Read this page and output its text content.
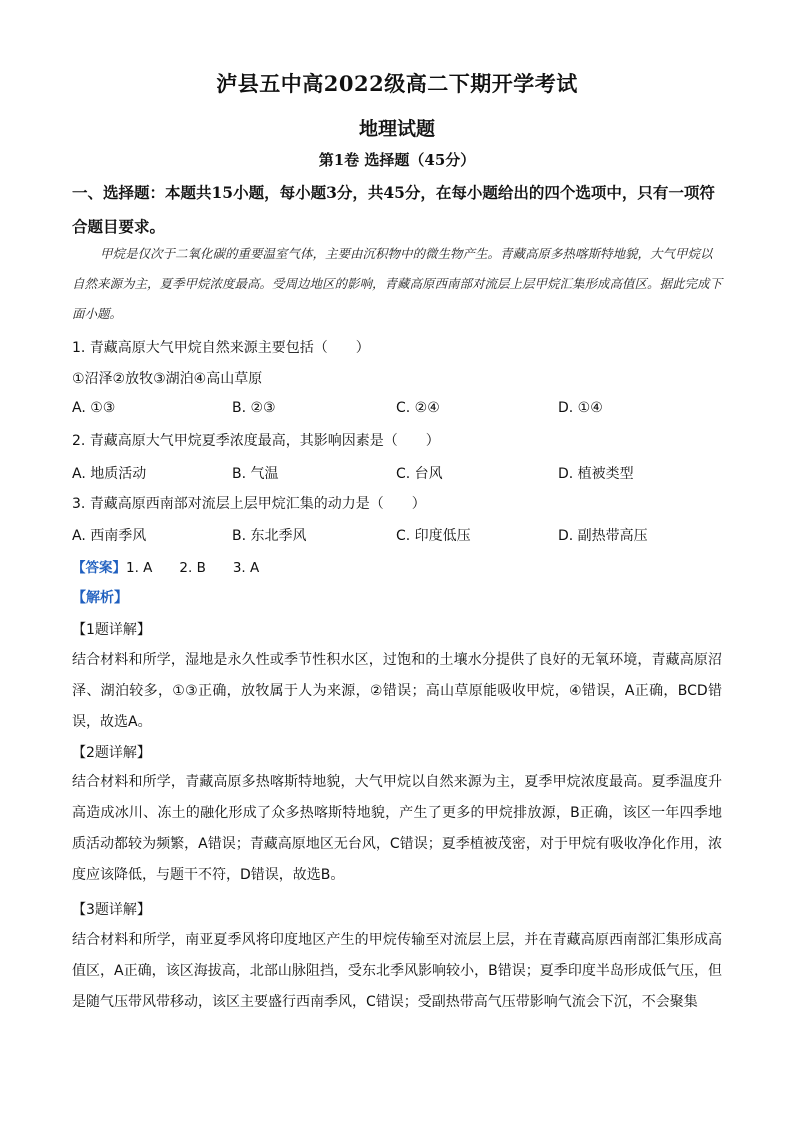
泸县五中高2022级高二下期开学考试
地理试题
第1卷 选择题（45分）
一、选择题：本题共15小题，每小题3分，共45分，在每小题给出的四个选项中，只有一项符合题目要求。

甲烷是仅次于二氧化碳的重要温室气体，主要由沉积物中的微生物产生。青藏高原多热喀斯特地貌，大气甲烷以自然来源为主，夏季甲烷浓度最高。受周边地区的影响，青藏高原西南部对流层上层甲烷汇集形成高值区。据此完成下面小题。

1. 青藏高原大气甲烷自然来源主要包括（　　）
①沼泽②放牧③湖泊④高山草原
A. ①③	B. ②③	C. ②④	D. ①④
2. 青藏高原大气甲烷夏季浓度最高，其影响因素是（　　）
A. 地质活动	B. 气温	C. 台风	D. 植被类型
3. 青藏高原西南部对流层上层甲烷汇集的动力是（　　）
A. 西南季风	B. 东北季风	C. 印度低压	D. 副热带高压
【答案】1. A　　2. B　　3. A
【解析】
【1题详解】

结合材料和所学，湿地是永久性或季节性积水区，过饱和的土壤水分提供了良好的无氧环境，青藏高原沼泽、湖泊较多，①③正确，放牧属于人为来源，②错误；高山草原能吸收甲烷，④错误，A正确，BCD错误，故选A。

【2题详解】

结合材料和所学，青藏高原多热喀斯特地貌，大气甲烷以自然来源为主，夏季甲烷浓度最高。夏季温度升高造成冰川、冻土的融化形成了众多热喀斯特地貌，产生了更多的甲烷排放源，B正确，该区一年四季地质活动都较为频繁，A错误；青藏高原地区无台风，C错误；夏季植被茂密，对于甲烷有吸收净化作用，浓度应该降低，与题干不符，D错误，故选B。

【3题详解】

结合材料和所学，南亚夏季风将印度地区产生的甲烷传输至对流层上层，并在青藏高原西南部汇集形成高值区，A正确，该区海拔高，北部山脉阻挡，受东北季风影响较小，B错误；夏季印度半岛形成低气压，但是随气压带风带移动，该区主要盛行西南季风，C错误；受副热带高气压带影响气流会下沉，不会聚集
